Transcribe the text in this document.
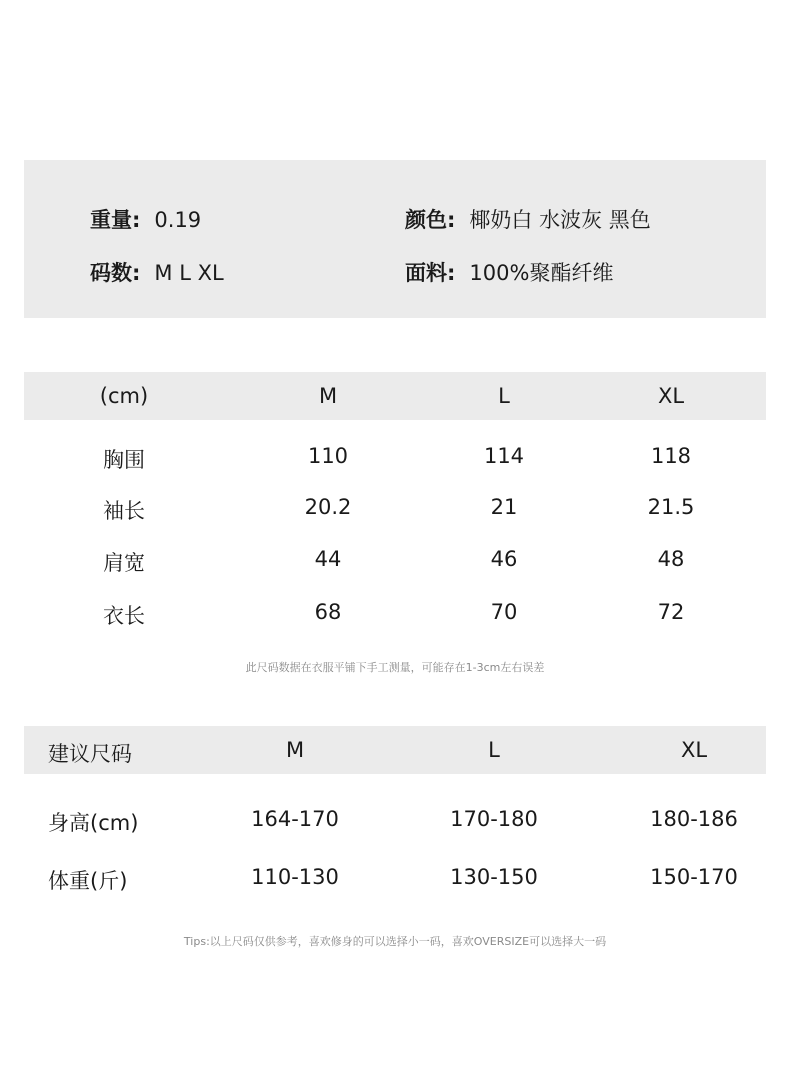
重量: 0.19	颜色: 椰奶白 水波灰 黑色
码数: M L XL	面料: 100%聚酯纤维
(cm)	M	L	XL
胸围	110	114	118
袖长	20.2	21	21.5
肩宽	44	46	48
衣长	68	70	72
此尺码数据在衣服平铺下手工测量，可能存在1-3cm左右误差
建议尺码	M	L	XL
身高(cm)	164-170	170-180	180-186
体重(斤)	110-130	130-150	150-170
Tips:以上尺码仅供参考，喜欢修身的可以选择小一码，喜欢OVERSIZE可以选择大一码
